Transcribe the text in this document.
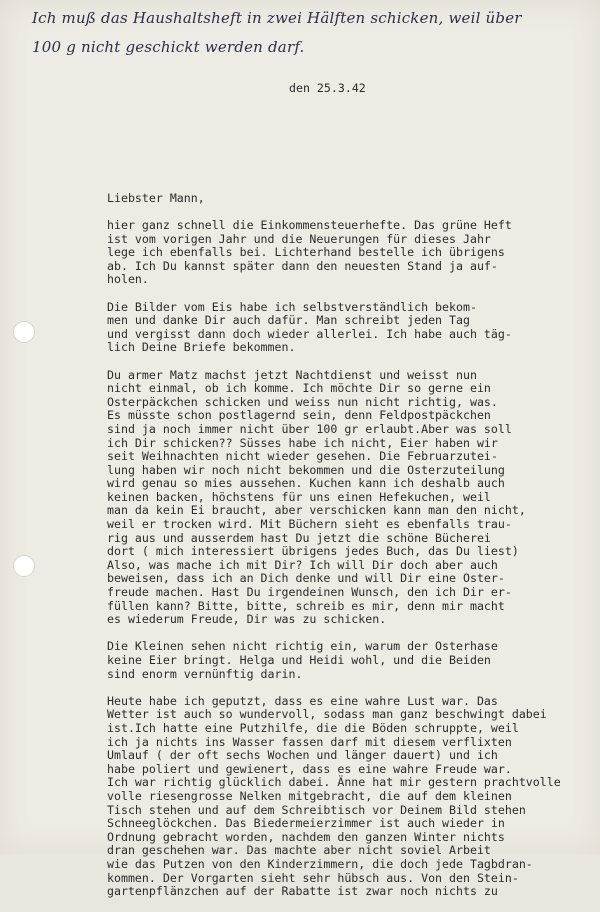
Ich muß das Haushaltsheft in zwei Hälften schicken, weil über
100 g nicht geschickt werden darf.
den 25.3.42
Liebster Mann,
hier ganz schnell die Einkommensteuerhefte. Das grüne Heft
ist vom vorigen Jahr und die Neuerungen für dieses Jahr
lege ich ebenfalls bei. Lichterhand bestelle ich übrigens
ab. Ich Du kannst später dann den neuesten Stand ja auf-
holen.
Die Bilder vom Eis habe ich selbstverständlich bekom-
men und danke Dir auch dafür. Man schreibt jeden Tag
und vergisst dann doch wieder allerlei. Ich habe auch täg-
lich Deine Briefe bekommen.
Du armer Matz machst jetzt Nachtdienst und weisst nun
nicht einmal, ob ich komme. Ich möchte Dir so gerne ein
Osterpäckchen schicken und weiss nun nicht richtig, was.
Es müsste schon postlagernd sein, denn Feldpostpäckchen
sind ja noch immer nicht über 100 gr erlaubt.Aber was soll
ich Dir schicken?? Süsses habe ich nicht, Eier haben wir
seit Weihnachten nicht wieder gesehen. Die Februarzutei-
lung haben wir noch nicht bekommen und die Osterzuteilung
wird genau so mies aussehen. Kuchen kann ich deshalb auch
keinen backen, höchstens für uns einen Hefekuchen, weil
man da kein Ei braucht, aber verschicken kann man den nicht,
weil er trocken wird. Mit Büchern sieht es ebenfalls trau-
rig aus und ausserdem hast Du jetzt die schöne Bücherei
dort ( mich interessiert übrigens jedes Buch, das Du liest)
Also, was mache ich mit Dir? Ich will Dir doch aber auch
beweisen, dass ich an Dich denke und will Dir eine Oster-
freude machen. Hast Du irgendeinen Wunsch, den ich Dir er-
füllen kann? Bitte, bitte, schreib es mir, denn mir macht
es wiederum Freude, Dir was zu schicken.
Die Kleinen sehen nicht richtig ein, warum der Osterhase
keine Eier bringt. Helga und Heidi wohl, und die Beiden
sind enorm vernünftig darin.
Heute habe ich geputzt, dass es eine wahre Lust war. Das
Wetter ist auch so wundervoll, sodass man ganz beschwingt dabei
ist.Ich hatte eine Putzhilfe, die die Böden schruppte, weil
ich ja nichts ins Wasser fassen darf mit diesem verflixten
Umlauf ( der oft sechs Wochen und länger dauert) und ich
habe poliert und gewienert, dass es eine wahre Freude war.
Ich war richtig glücklich dabei. Änne hat mir gestern prachtvolle
volle riesengrosse Nelken mitgebracht, die auf dem kleinen
Tisch stehen und auf dem Schreibtisch vor Deinem Bild stehen
Schneeglöckchen. Das Biedermeierzimmer ist auch wieder in
Ordnung gebracht worden, nachdem den ganzen Winter nichts
dran geschehen war. Das machte aber nicht soviel Arbeit
wie das Putzen von den Kinderzimmern, die doch jede Tagbdran-
kommen. Der Vorgarten sieht sehr hübsch aus. Von den Stein-
gartenpflänzchen auf der Rabatte ist zwar noch nichts zu
